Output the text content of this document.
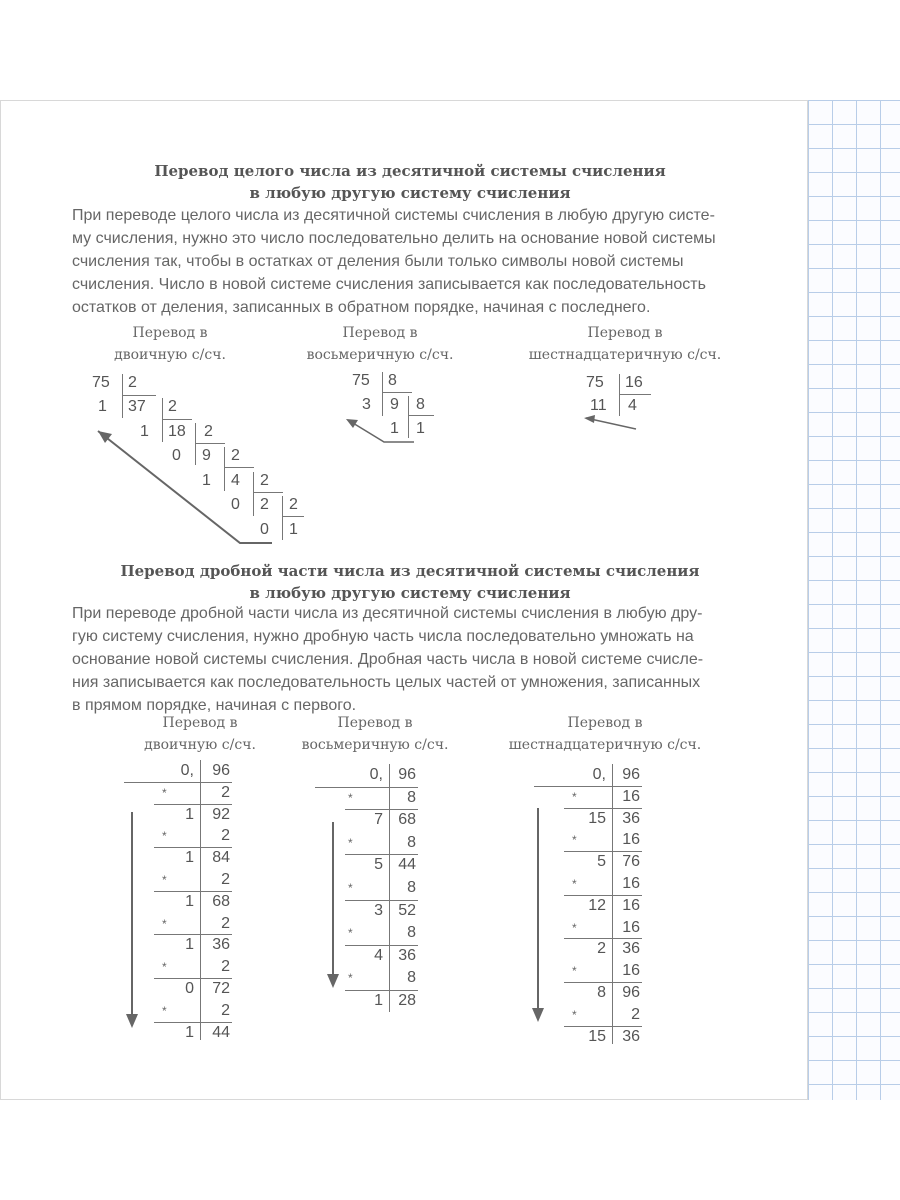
Перевод целого числа из десятичной системы счисления
в любую другую систему счисления
При переводе целого числа из десятичной системы счисления в любую другую систе-
му счисления, нужно это число последовательно делить на основание новой системы
счисления так, чтобы в остатках от деления были только символы новой системы
счисления. Число в новой системе счисления записывается как последовательность
остатков от деления, записанных в обратном порядке, начиная с последнего.
Перевод в
двоичную с/сч.
Перевод в
восьмеричную с/сч.
Перевод в
шестнадцатеричную с/сч.
75 2
1 37 2
1 18 2
0 9 2
1 4 2
0 2 2
0 1
75 8
3 9 8
1 1
75 16
11 4
Перевод дробной части числа из десятичной системы счисления
в любую другую систему счисления
При переводе дробной части числа из десятичной системы счисления в любую дру-
гую систему счисления, нужно дробную часть числа последовательно умножать на
основание новой системы счисления. Дробная часть числа в новой системе счисле-
ния записывается как последовательность целых частей от умножения, записанных
в прямом порядке, начиная с первого.
Перевод в
двоичную с/сч.
Перевод в
восьмеричную с/сч.
Перевод в
шестнадцатеричную с/сч.
96
0,
2
*
92
1
2
*
84
1
2
*
68
1
2
*
36
1
2
*
72
0
2
*
44
1
96
0,
8
*
68
7
8
*
44
5
8
*
52
3
8
*
36
4
8
*
28
1
96
0,
16
*
36
15
16
*
76
5
16
*
16
12
16
*
36
2
16
*
96
8
2
*
36
15
